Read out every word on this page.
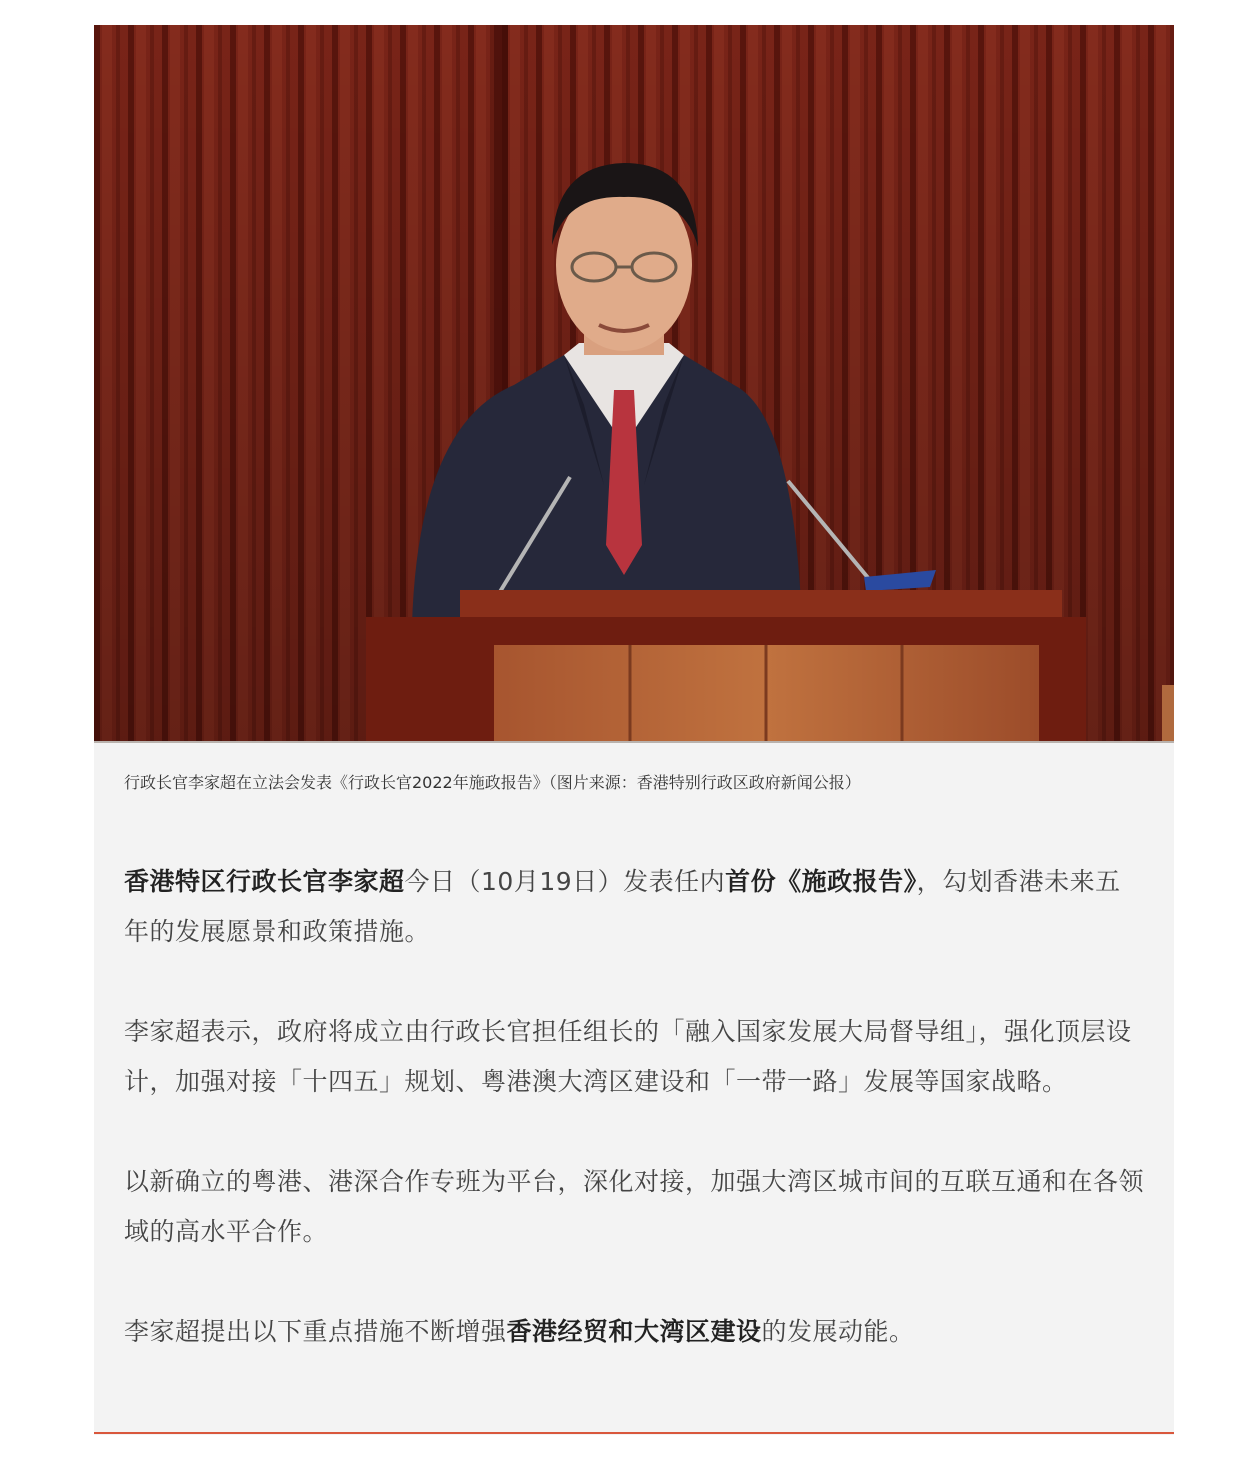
行政长官李家超在立法会发表《行政长官2022年施政报告》（图片来源：香港特别行政区政府新闻公报）

香港特区行政长官李家超今日（10月19日）发表任内首份《施政报告》，勾划香港未来五年的发展愿景和政策措施。

李家超表示，政府将成立由行政长官担任组长的「融入国家发展大局督导组」，强化顶层设计，加强对接「十四五」规划、粤港澳大湾区建设和「一带一路」发展等国家战略。

以新确立的粤港、港深合作专班为平台，深化对接，加强大湾区城市间的互联互通和在各领域的高水平合作。

李家超提出以下重点措施不断增强香港经贸和大湾区建设的发展动能。
